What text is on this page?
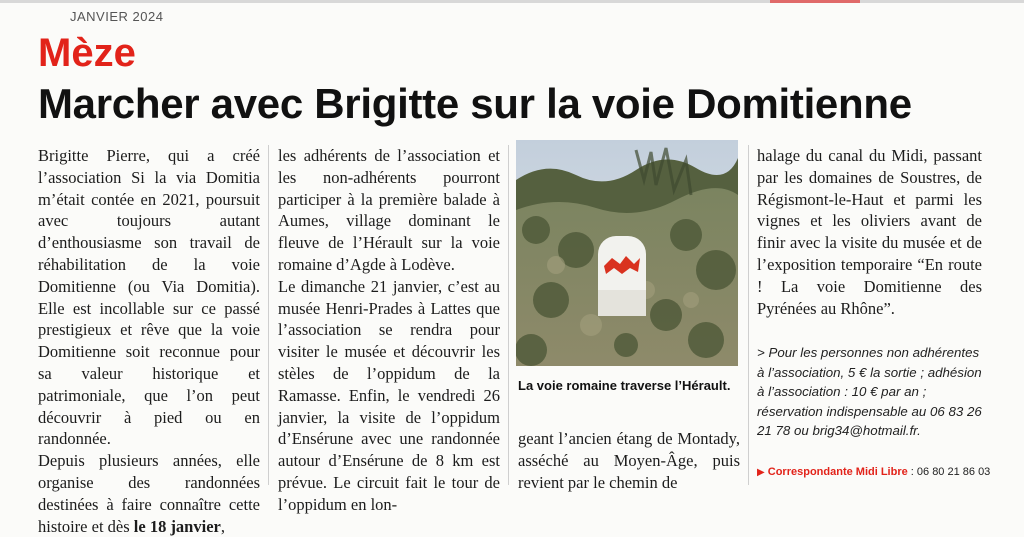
JANVIER 2024
Mèze
Marcher avec Brigitte sur la voie Domitienne

Brigitte Pierre, qui a créé l’association Si la via Domitia m’était contée en 2021, poursuit avec toujours autant d’enthousiasme son travail de réhabilitation de la voie Domitienne (ou Via Domitia). Elle est incollable sur ce passé prestigieux et rêve que la voie Domitienne soit reconnue pour sa valeur historique et patrimoniale, que l’on peut découvrir à pied ou en randonnée.

Depuis plusieurs années, elle organise des randonnées destinées à faire connaître cette histoire et dès le 18 janvier,

les adhérents de l’association et les non-adhérents pourront participer à la première balade à Aumes, village dominant le fleuve de l’Hérault sur la voie romaine d’Agde à Lodève.

Le dimanche 21 janvier, c’est au musée Henri-Prades à Lattes que l’association se rendra pour visiter le musée et découvrir les stèles de l’oppidum de la Ramasse. Enfin, le vendredi 26 janvier, la visite de l’oppidum d’Ensérune avec une randonnée autour d’Ensérune de 8 km est prévue. Le circuit fait le tour de l’oppidum en lon-

La voie romaine traverse l’Hérault.

geant l’ancien étang de Montady, asséché au Moyen-Âge, puis revient par le chemin de

halage du canal du Midi, passant par les domaines de Soustres, de Régismont-le-Haut et parmi les vignes et les oliviers avant de finir avec la visite du musée et de l’exposition temporaire “En route ! La voie Domitienne des Pyrénées au Rhône”.

> Pour les personnes non adhérentes à l’association, 5 € la sortie ; adhésion à l’association : 10 € par an ; réservation indispensable au 06 83 26 21 78 ou brig34@hotmail.fr.

▶ Correspondante Midi Libre : 06 80 21 86 03
